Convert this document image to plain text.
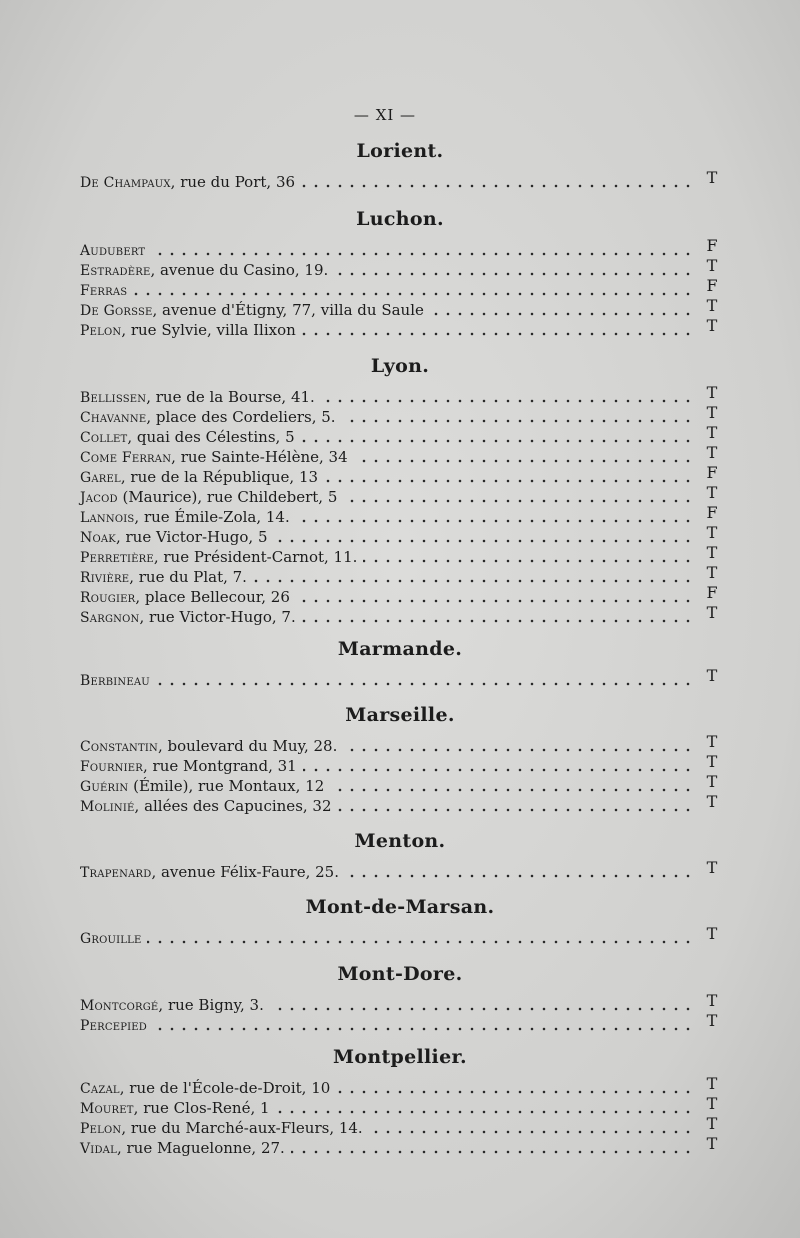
— XI —
Lorient.
De Champaux, rue du Port, 36	T
Luchon.
Audubert	F
Estradère, avenue du Casino, 19.	T
Ferras	F
De Gorsse, avenue d'Étigny, 77, villa du Saule	T
Pelon, rue Sylvie, villa Ilixon	T
Lyon.
Bellissen, rue de la Bourse, 41.	T
Chavanne, place des Cordeliers, 5.	T
Collet, quai des Célestins, 5	T
Come Ferran, rue Sainte-Hélène, 34	T
Garel, rue de la République, 13	F
Jacod (Maurice), rue Childebert, 5	T
Lannois, rue Émile-Zola, 14.	F
Noak, rue Victor-Hugo, 5	T
Perretière, rue Président-Carnot, 11.	T
Rivière, rue du Plat, 7.	T
Rougier, place Bellecour, 26	F
Sargnon, rue Victor-Hugo, 7.	T
Marmande.
Berbineau	T
Marseille.
Constantin, boulevard du Muy, 28.	T
Fournier, rue Montgrand, 31	T
Guérin (Émile), rue Montaux, 12	T
Molinié, allées des Capucines, 32	T
Menton.
Trapenard, avenue Félix-Faure, 25.	T
Mont-de-Marsan.
Grouille	T
Mont-Dore.
Montcorgé, rue Bigny, 3.	T
Percepied	T
Montpellier.
Cazal, rue de l'École-de-Droit, 10	T
Mouret, rue Clos-René, 1	T
Pelon, rue du Marché-aux-Fleurs, 14.	T
Vidal, rue Maguelonne, 27.	T
